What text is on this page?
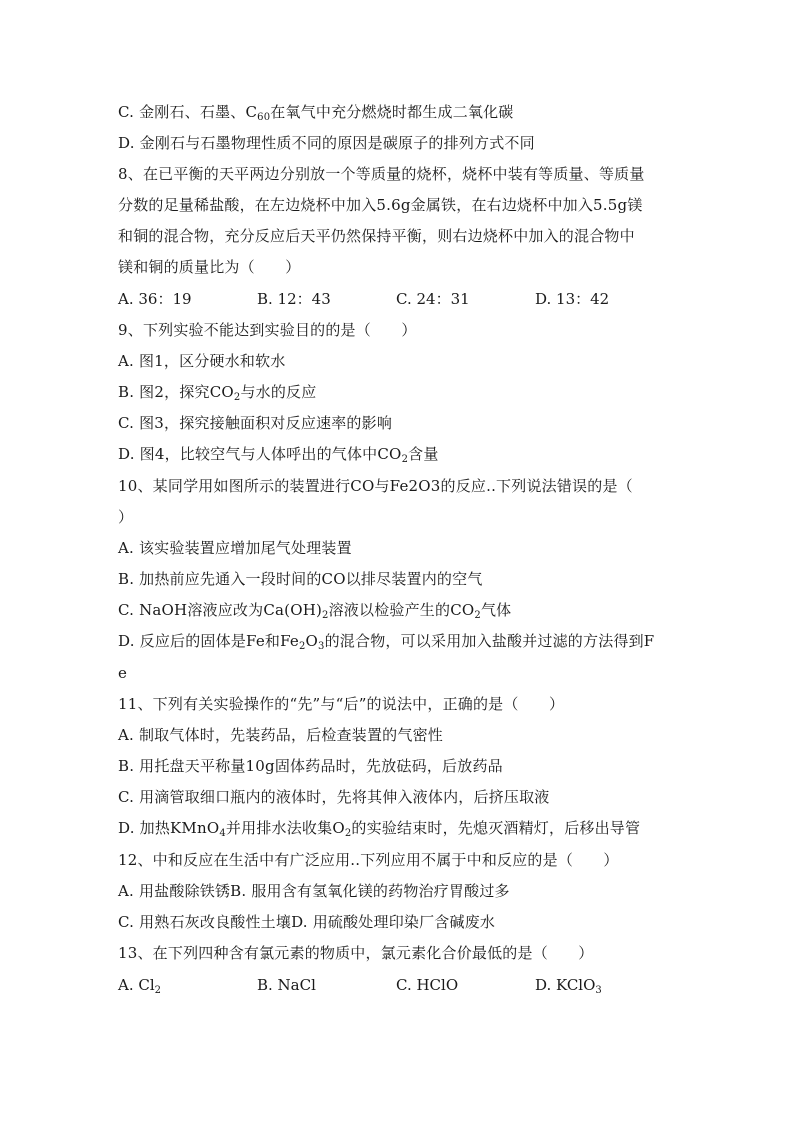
C. 金刚石、石墨、$C_{60}$在氧气中充分燃烧时都生成二氧化碳
D. 金刚石与石墨物理性质不同的原因是碳原子的排列方式不同
8、在已平衡的天平两边分别放一个等质量的烧杯，烧杯中装有等质量、等质量
分数的足量稀盐酸，在左边烧杯中加入5.6g金属铁，在右边烧杯中加入5.5g镁
和铜的混合物，充分反应后天平仍然保持平衡，则右边烧杯中加入的混合物中
镁和铜的质量比为（　　）
A. 36：19	B. 12：43	C. 24：31	D. 13：42
9、下列实验不能达到实验目的的是（　　）
A. 图1，区分硬水和软水
B. 图2，探究$CO_2$与水的反应
C. 图3，探究接触面积对反应速率的影响
D. 图4，比较空气与人体呼出的气体中$CO_2$含量
10、某同学用如图所示的装置进行CO与Fe2O3的反应..下列说法错误的是（
）
A. 该实验装置应增加尾气处理装置
B. 加热前应先通入一段时间的CO以排尽装置内的空气
C. NaOH溶液应改为$Ca(OH)_2$溶液以检验产生的$CO_2$气体
D. 反应后的固体是Fe和$Fe_2O_3$的混合物，可以采用加入盐酸并过滤的方法得到F
e
11、下列有关实验操作的“先”与“后”的说法中，正确的是（　　）
A. 制取气体时，先装药品，后检查装置的气密性
B. 用托盘天平称量10g固体药品时，先放砝码，后放药品
C. 用滴管取细口瓶内的液体时，先将其伸入液体内，后挤压取液
D. 加热KMnO$_4$并用排水法收集$O_2$的实验结束时，先熄灭酒精灯，后移出导管
12、中和反应在生活中有广泛应用..下列应用不属于中和反应的是（　　）
A. 用盐酸除铁锈B. 服用含有氢氧化镁的药物治疗胃酸过多
C. 用熟石灰改良酸性土壤D. 用硫酸处理印染厂含碱废水
13、在下列四种含有氯元素的物质中，氯元素化合价最低的是（　　）
A. $Cl_2$	B. NaCl	C. HClO	D. KClO$_3$
